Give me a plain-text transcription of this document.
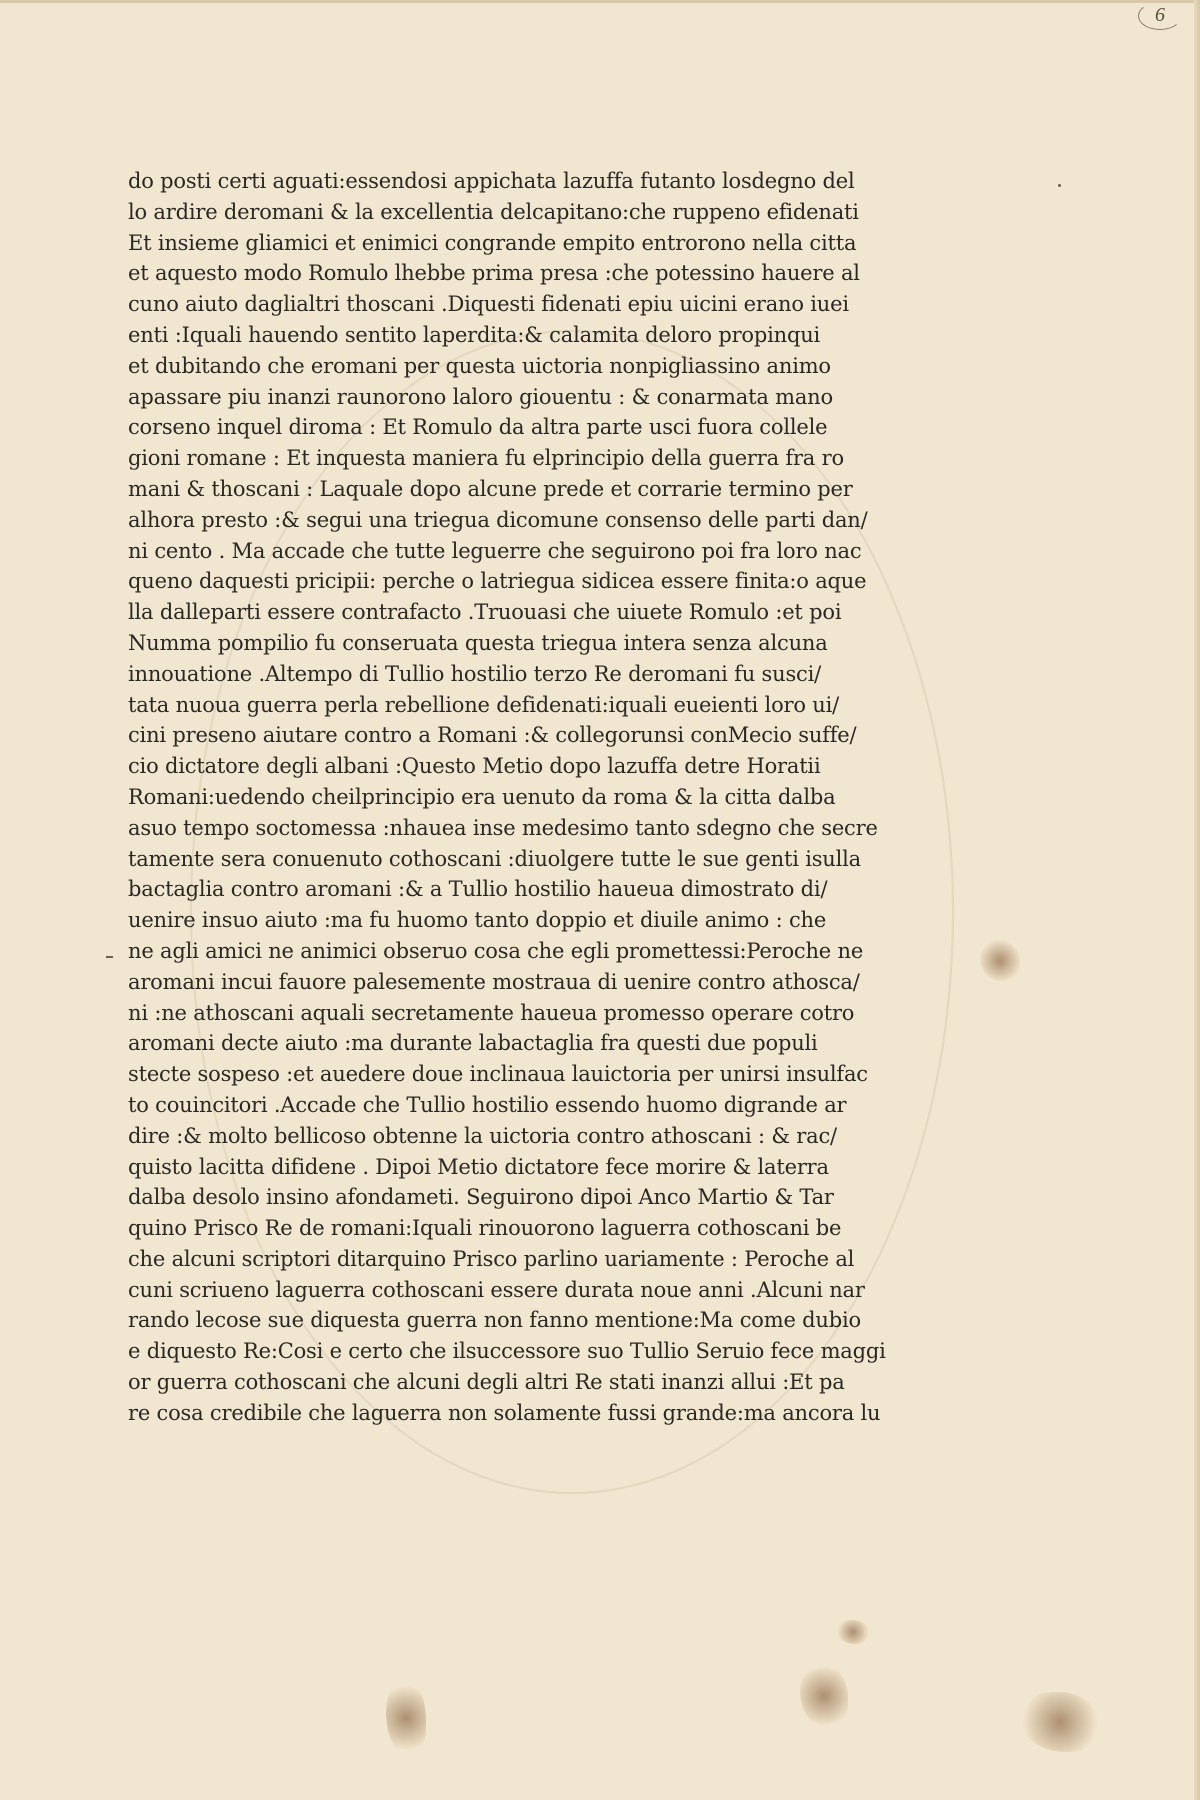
6
do posti certi aguati:essendosi appichata lazuffa futanto losdegno del
lo ardire deromani & la excellentia delcapitano:che ruppeno efidenati
Et insieme gliamici et enimici congrande empito entrorono nella citta
et aquesto modo Romulo lhebbe prima presa :che potessino hauere al
cuno aiuto daglialtri thoscani .Diquesti fidenati epiu uicini erano iuei
enti :Iquali hauendo sentito laperdita:& calamita deloro propinqui
et dubitando che eromani per questa uictoria nonpigliassino animo
apassare piu inanzi raunorono laloro giouentu : & conarmata mano
corseno inquel diroma : Et Romulo da altra parte usci fuora collele
gioni romane : Et inquesta maniera fu elprincipio della guerra fra ro
mani & thoscani : Laquale dopo alcune prede et corrarie termino per
alhora presto :& segui una triegua dicomune consenso delle parti dan/
ni cento . Ma accade che tutte leguerre che seguirono poi fra loro nac
queno daquesti pricipii: perche o latriegua sidicea essere finita:o aque
lla dalleparti essere contrafacto .Truouasi che uiuete Romulo :et poi
Numma pompilio fu conseruata questa triegua intera senza alcuna
innouatione .Altempo di Tullio hostilio terzo Re deromani fu susci/
tata nuoua guerra perla rebellione defidenati:iquali eueienti loro ui/
cini preseno aiutare contro a Romani :& collegorunsi conMecio suffe/
cio dictatore degli albani :Questo Metio dopo lazuffa detre Horatii
Romani:uedendo cheilprincipio era uenuto da roma & la citta dalba
asuo tempo soctomessa :nhauea inse medesimo tanto sdegno che secre
tamente sera conuenuto cothoscani :diuolgere tutte le sue genti isulla
bactaglia contro aromani :& a Tullio hostilio haueua dimostrato di/
uenire insuo aiuto :ma fu huomo tanto doppio et diuile animo : che
ne agli amici ne animici obseruo cosa che egli promettessi:Peroche ne
aromani incui fauore palesemente mostraua di uenire contro athosca/
ni :ne athoscani aquali secretamente haueua promesso operare cotro
aromani decte aiuto :ma durante labactaglia fra questi due populi
stecte sospeso :et auedere doue inclinaua lauictoria per unirsi insulfac
to couincitori .Accade che Tullio hostilio essendo huomo digrande ar
dire :& molto bellicoso obtenne la uictoria contro athoscani : & rac/
quisto lacitta difidene . Dipoi Metio dictatore fece morire & laterra
dalba desolo insino afondameti. Seguirono dipoi Anco Martio & Tar
quino Prisco Re de romani:Iquali rinouorono laguerra cothoscani be
che alcuni scriptori ditarquino Prisco parlino uariamente : Peroche al
cuni scriueno laguerra cothoscani essere durata noue anni .Alcuni nar
rando lecose sue diquesta guerra non fanno mentione:Ma come dubio
e diquesto Re:Cosi e certo che ilsuccessore suo Tullio Seruio fece maggi
or guerra cothoscani che alcuni degli altri Re stati inanzi allui :Et pa
re cosa credibile che laguerra non solamente fussi grande:ma ancora lu
